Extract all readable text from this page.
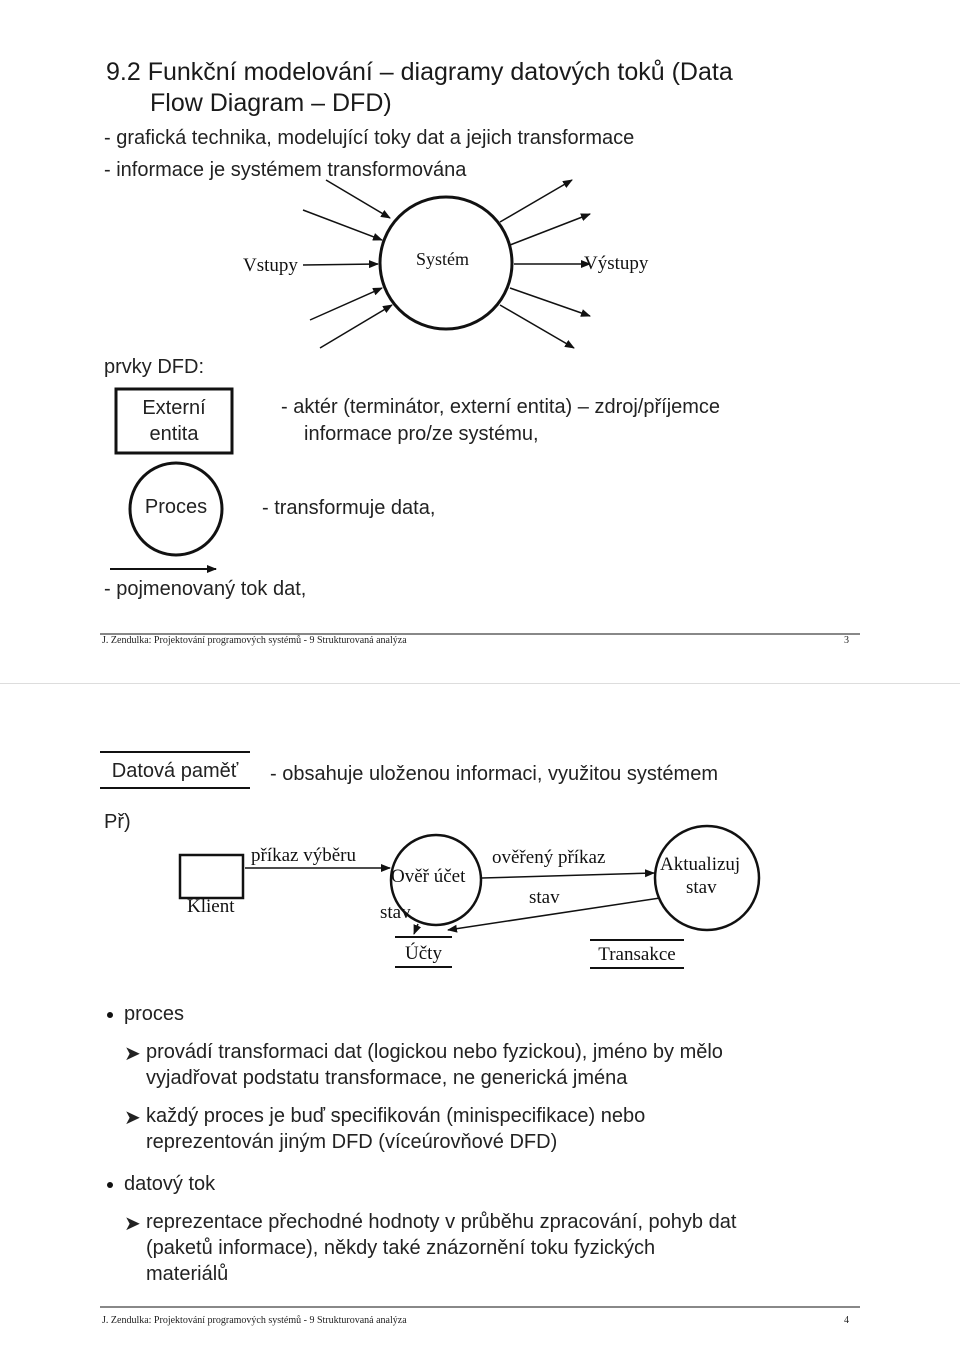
9.2 Funkční modelování – diagramy datových toků (Data
Flow Diagram – DFD)
- grafická technika, modelující toky dat a jejich transformace
- informace je systémem transformována
Vstupy	Systém	Výstupy
prvky DFD:
Externí
entita
- aktér (terminátor, externí entita) – zdroj/příjemce
informace pro/ze systému,
Proces	- transformuje data,
- pojmenovaný tok dat,
J. Zendulka: Projektování programových systémů - 9 Strukturovaná analýza	3
Datová paměť	- obsahuje uloženou informaci, využitou systémem
Př)
Klient
příkaz výběru
Ověř účet
ověřený příkaz	Aktualizuj
stav
stav
stav
Účty	Transakce
proces
➤ provádí transformaci dat (logickou nebo fyzickou), jméno by mělo
vyjadřovat podstatu transformace, ne generická jména
➤ každý proces je buď specifikován (minispecifikace) nebo
reprezentován jiným DFD (víceúrovňové DFD)
datový tok
➤ reprezentace přechodné hodnoty v průběhu zpracování, pohyb dat
(paketů informace), někdy také znázornění toku fyzických
materiálů
J. Zendulka: Projektování programových systémů - 9 Strukturovaná analýza	4
